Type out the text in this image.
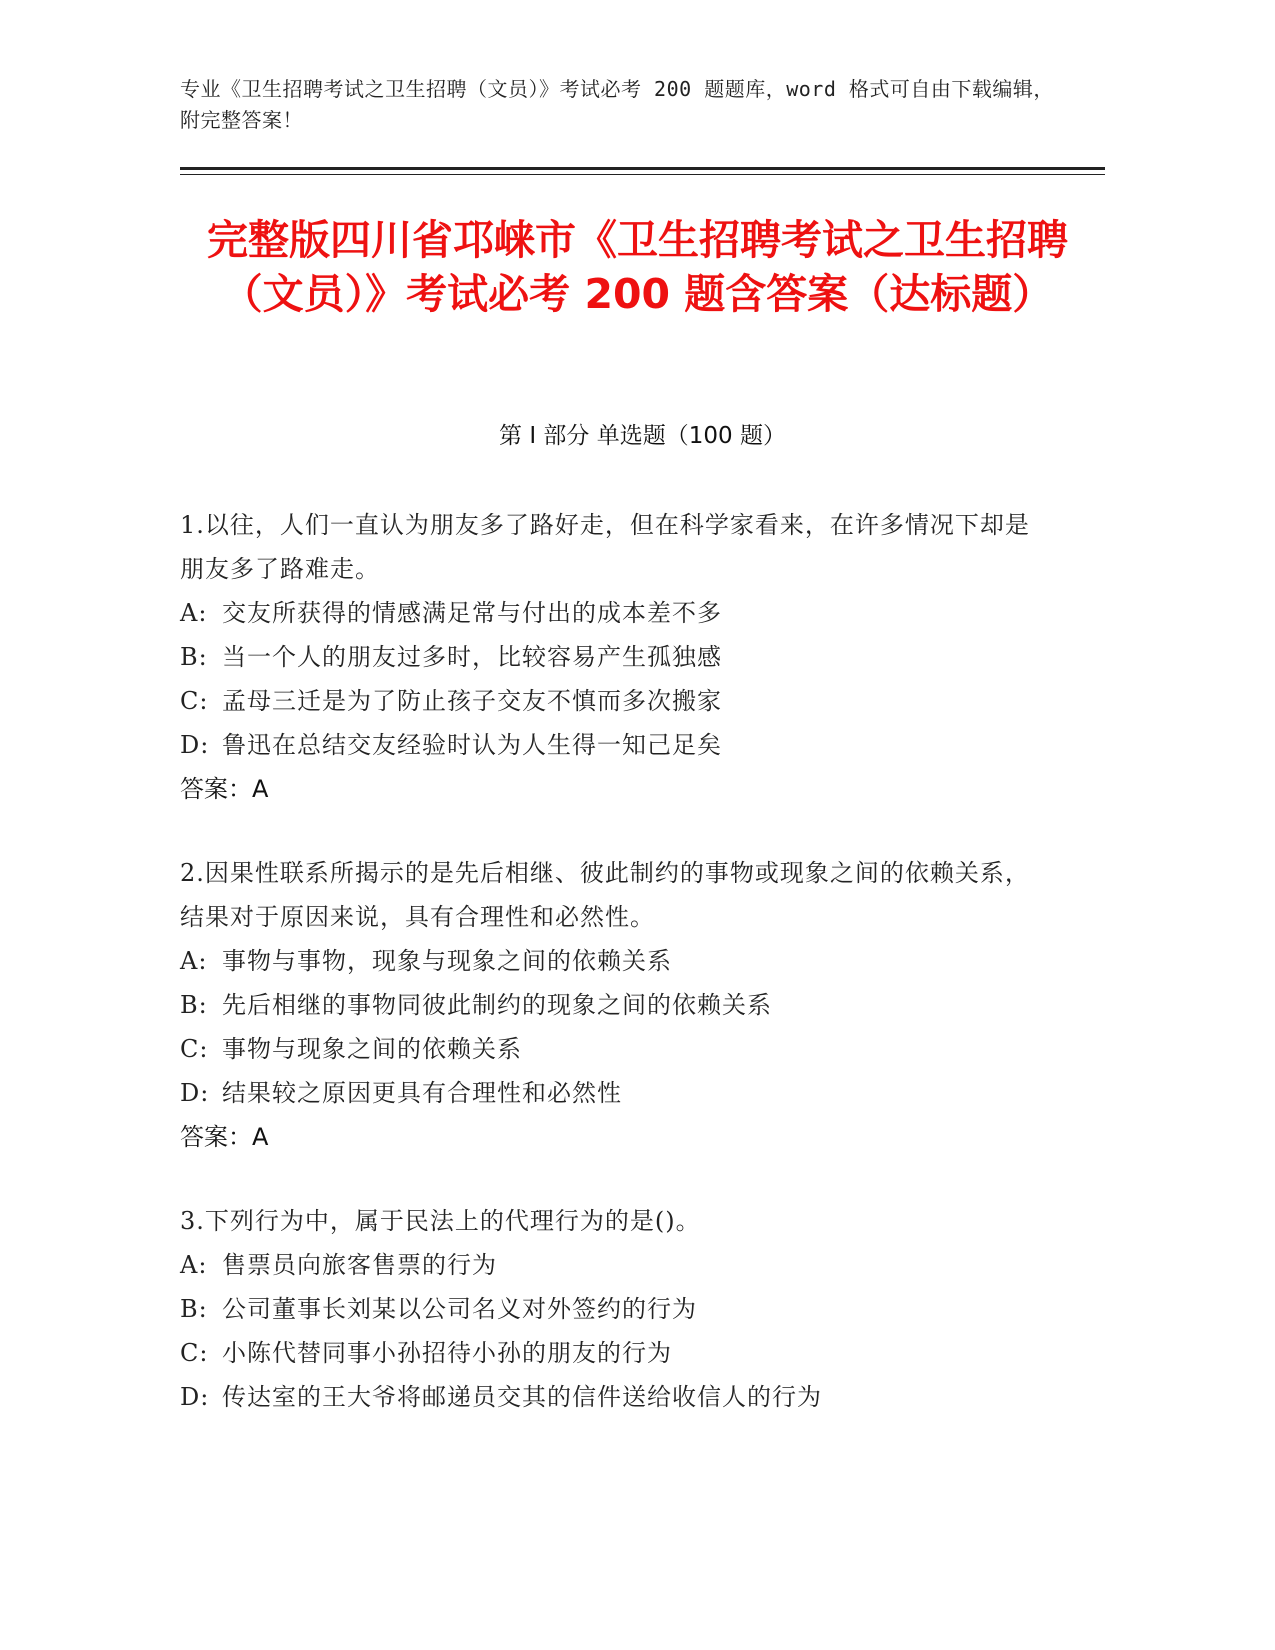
专业《卫生招聘考试之卫生招聘（文员）》考试必考 200 题题库，word 格式可自由下载编辑，附完整答案！
完整版四川省邛崃市《卫生招聘考试之卫生招聘（文员）》考试必考 200 题含答案（达标题）
第 I 部分 单选题（100 题）
1.以往，人们一直认为朋友多了路好走，但在科学家看来，在许多情况下却是朋友多了路难走。
A: 交友所获得的情感满足常与付出的成本差不多
B: 当一个人的朋友过多时，比较容易产生孤独感
C: 孟母三迁是为了防止孩子交友不慎而多次搬家
D: 鲁迅在总结交友经验时认为人生得一知己足矣
答案：A
2.因果性联系所揭示的是先后相继、彼此制约的事物或现象之间的依赖关系，结果对于原因来说，具有合理性和必然性。
A: 事物与事物，现象与现象之间的依赖关系
B: 先后相继的事物同彼此制约的现象之间的依赖关系
C: 事物与现象之间的依赖关系
D: 结果较之原因更具有合理性和必然性
答案：A
3.下列行为中，属于民法上的代理行为的是()。
A: 售票员向旅客售票的行为
B: 公司董事长刘某以公司名义对外签约的行为
C: 小陈代替同事小孙招待小孙的朋友的行为
D: 传达室的王大爷将邮递员交其的信件送给收信人的行为
